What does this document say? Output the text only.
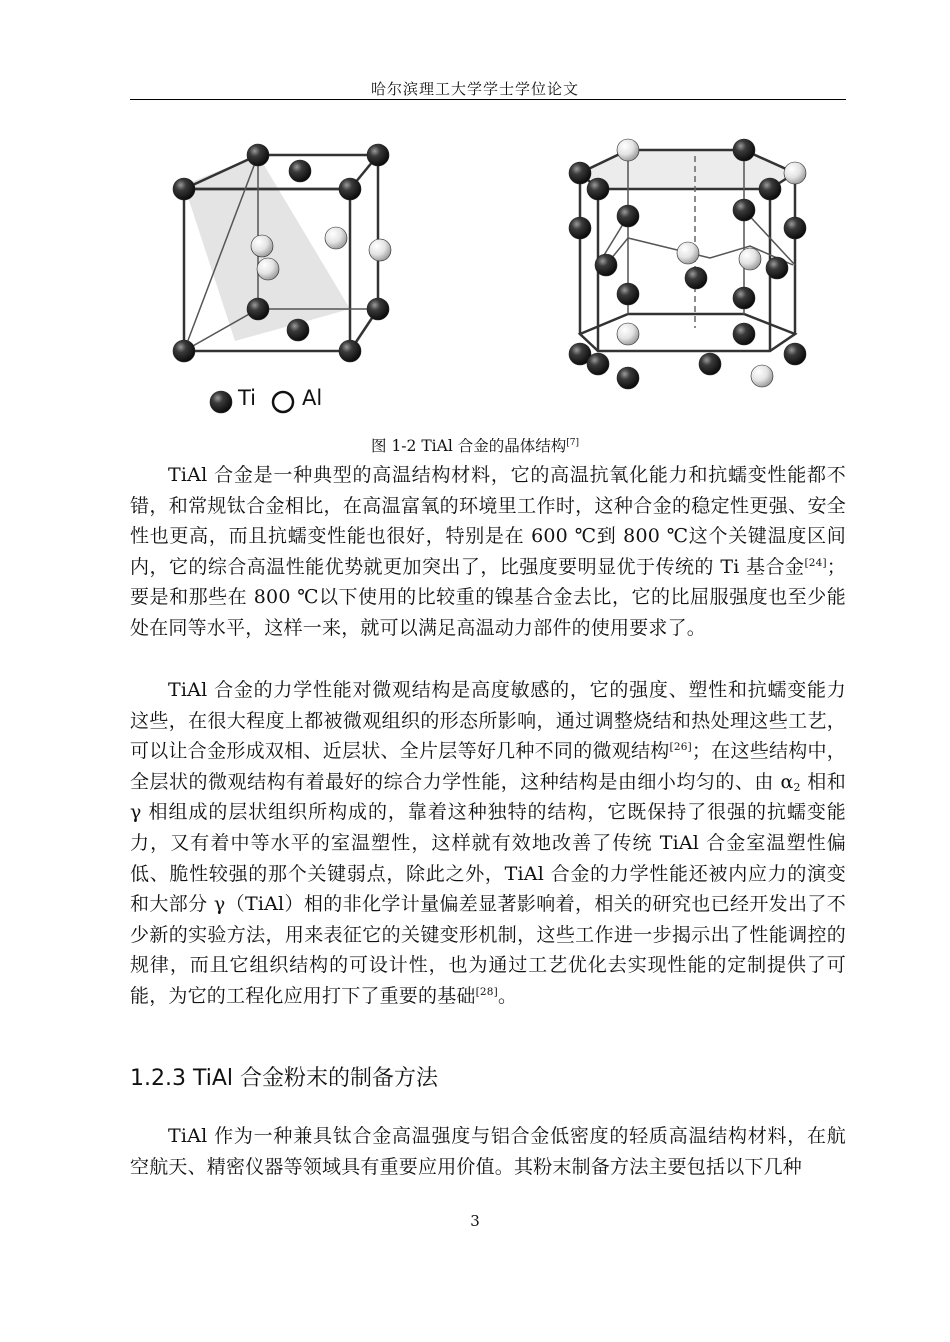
哈尔滨理工大学学士学位论文
Ti Al
图 1-2 TiAl 合金的晶体结构[7]

TiAl 合金是一种典型的高温结构材料，它的高温抗氧化能力和抗蠕变性能都不错，和常规钛合金相比，在高温富氧的环境里工作时，这种合金的稳定性更强、安全性也更高，而且抗蠕变性能也很好，特别是在 600 ℃到 800 ℃这个关键温度区间内，它的综合高温性能优势就更加突出了，比强度要明显优于传统的 Ti 基合金[24]；要是和那些在 800 ℃以下使用的比较重的镍基合金去比，它的比屈服强度也至少能处在同等水平，这样一来，就可以满足高温动力部件的使用要求了。

TiAl 合金的力学性能对微观结构是高度敏感的，它的强度、塑性和抗蠕变能力这些，在很大程度上都被微观组织的形态所影响，通过调整烧结和热处理这些工艺，可以让合金形成双相、近层状、全片层等好几种不同的微观结构[26]；在这些结构中，全层状的微观结构有着最好的综合力学性能，这种结构是由细小均匀的、由 $\alpha_2$ 相和 γ 相组成的层状组织所构成的，靠着这种独特的结构，它既保持了很强的抗蠕变能力，又有着中等水平的室温塑性，这样就有效地改善了传统 TiAl 合金室温塑性偏低、脆性较强的那个关键弱点，除此之外，TiAl 合金的力学性能还被内应力的演变和大部分 γ（TiAl）相的非化学计量偏差显著影响着，相关的研究也已经开发出了不少新的实验方法，用来表征它的关键变形机制，这些工作进一步揭示出了性能调控的规律，而且它组织结构的可设计性，也为通过工艺优化去实现性能的定制提供了可能，为它的工程化应用打下了重要的基础[28]。

1.2.3 TiAl 合金粉末的制备方法

TiAl 作为一种兼具钛合金高温强度与铝合金低密度的轻质高温结构材料，在航空航天、精密仪器等领域具有重要应用价值。其粉末制备方法主要包括以下几种

3
